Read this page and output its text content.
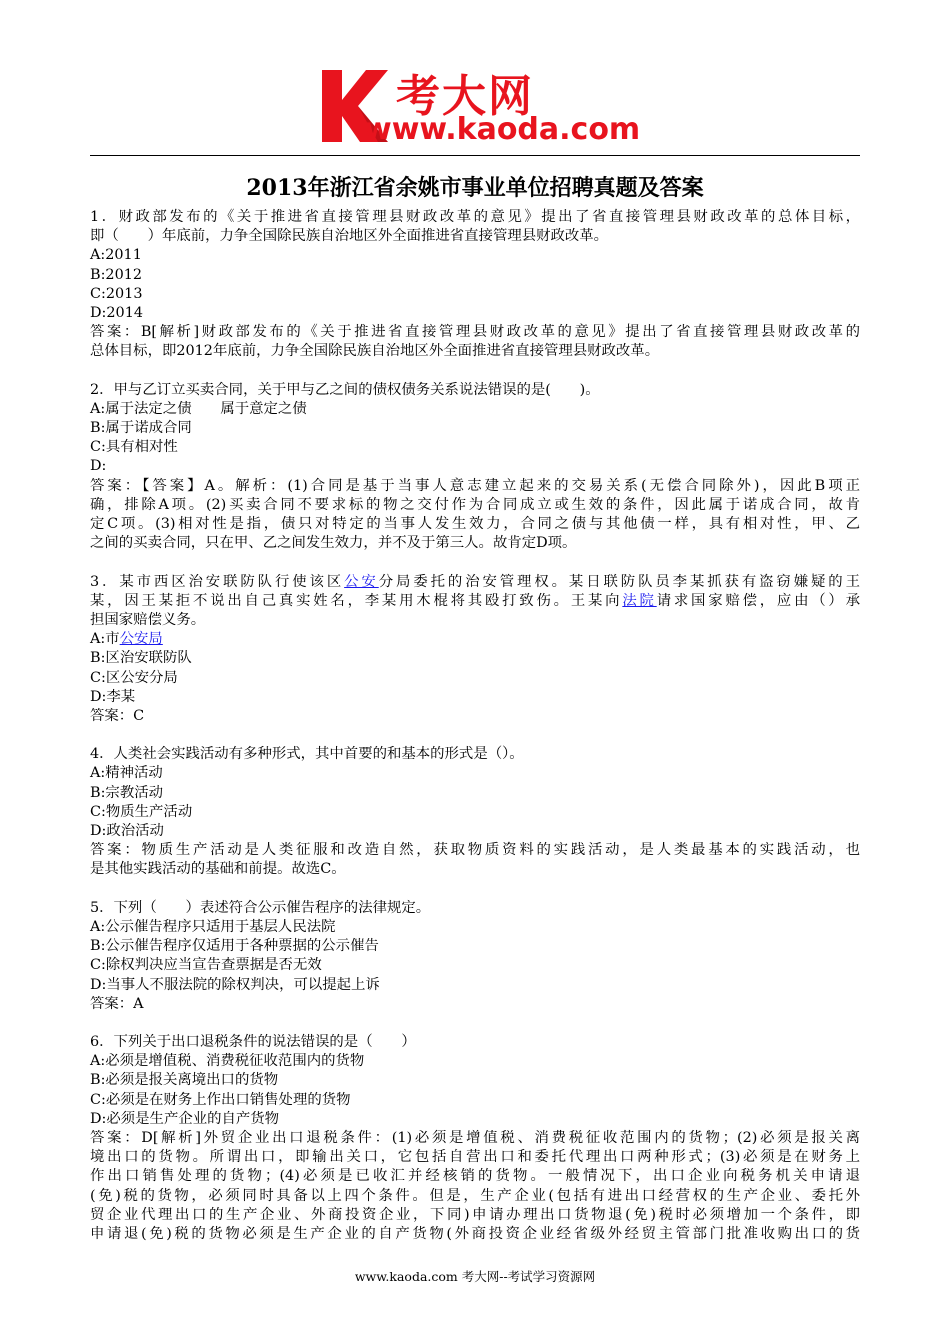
考大网
www.kaoda.com
2013年浙江省余姚市事业单位招聘真题及答案
1．财政部发布的《关于推进省直接管理县财政改革的意见》提出了省直接管理县财政改革的总体目标，
即（　　）年底前，力争全国除民族自治地区外全面推进省直接管理县财政改革。
A:2011
B:2012
C:2013
D:2014
答案：B[解析]财政部发布的《关于推进省直接管理县财政改革的意见》提出了省直接管理县财政改革的
总体目标，即2012年底前，力争全国除民族自治地区外全面推进省直接管理县财政改革。
2．甲与乙订立买卖合同，关于甲与乙之间的债权债务关系说法错误的是(　　)。
A:属于法定之债　　属于意定之债
B:属于诺成合同
C:具有相对性
D:
答案：【答案】A。解析：(1)合同是基于当事人意志建立起来的交易关系(无偿合同除外)，因此B项正
确，排除A项。(2)买卖合同不要求标的物之交付作为合同成立或生效的条件，因此属于诺成合同，故肯
定C项。(3)相对性是指，债只对特定的当事人发生效力，合同之债与其他债一样，具有相对性，甲、乙
之间的买卖合同，只在甲、乙之间发生效力，并不及于第三人。故肯定D项。
3．某市西区治安联防队行使该区公安分局委托的治安管理权。某日联防队员李某抓获有盗窃嫌疑的王
某，因王某拒不说出自己真实姓名，李某用木棍将其殴打致伤。王某向法院请求国家赔偿，应由（）承
担国家赔偿义务。
A:市公安局
B:区治安联防队
C:区公安分局
D:李某
答案：C
4．人类社会实践活动有多种形式，其中首要的和基本的形式是（）。
A:精神活动
B:宗教活动
C:物质生产活动
D:政治活动
答案：物质生产活动是人类征服和改造自然，获取物质资料的实践活动，是人类最基本的实践活动，也
是其他实践活动的基础和前提。故选C。
5．下列（　　）表述符合公示催告程序的法律规定。
A:公示催告程序只适用于基层人民法院
B:公示催告程序仅适用于各种票据的公示催告
C:除权判决应当宣告查票据是否无效
D:当事人不服法院的除权判决，可以提起上诉
答案：A
6．下列关于出口退税条件的说法错误的是（　　）
A:必须是增值税、消费税征收范围内的货物
B:必须是报关离境出口的货物
C:必须是在财务上作出口销售处理的货物
D:必须是生产企业的自产货物
答案：D[解析]外贸企业出口退税条件：(1)必须是增值税、消费税征收范围内的货物；(2)必须是报关离
境出口的货物。所谓出口，即输出关口，它包括自营出口和委托代理出口两种形式；(3)必须是在财务上
作出口销售处理的货物；(4)必须是已收汇并经核销的货物。一般情况下，出口企业向税务机关申请退
(免)税的货物，必须同时具备以上四个条件。但是，生产企业(包括有进出口经营权的生产企业、委托外
贸企业代理出口的生产企业、外商投资企业，下同)申请办理出口货物退(免)税时必须增加一个条件，即
申请退(免)税的货物必须是生产企业的自产货物(外商投资企业经省级外经贸主管部门批准收购出口的货
www.kaoda.com 考大网--考试学习资源网
